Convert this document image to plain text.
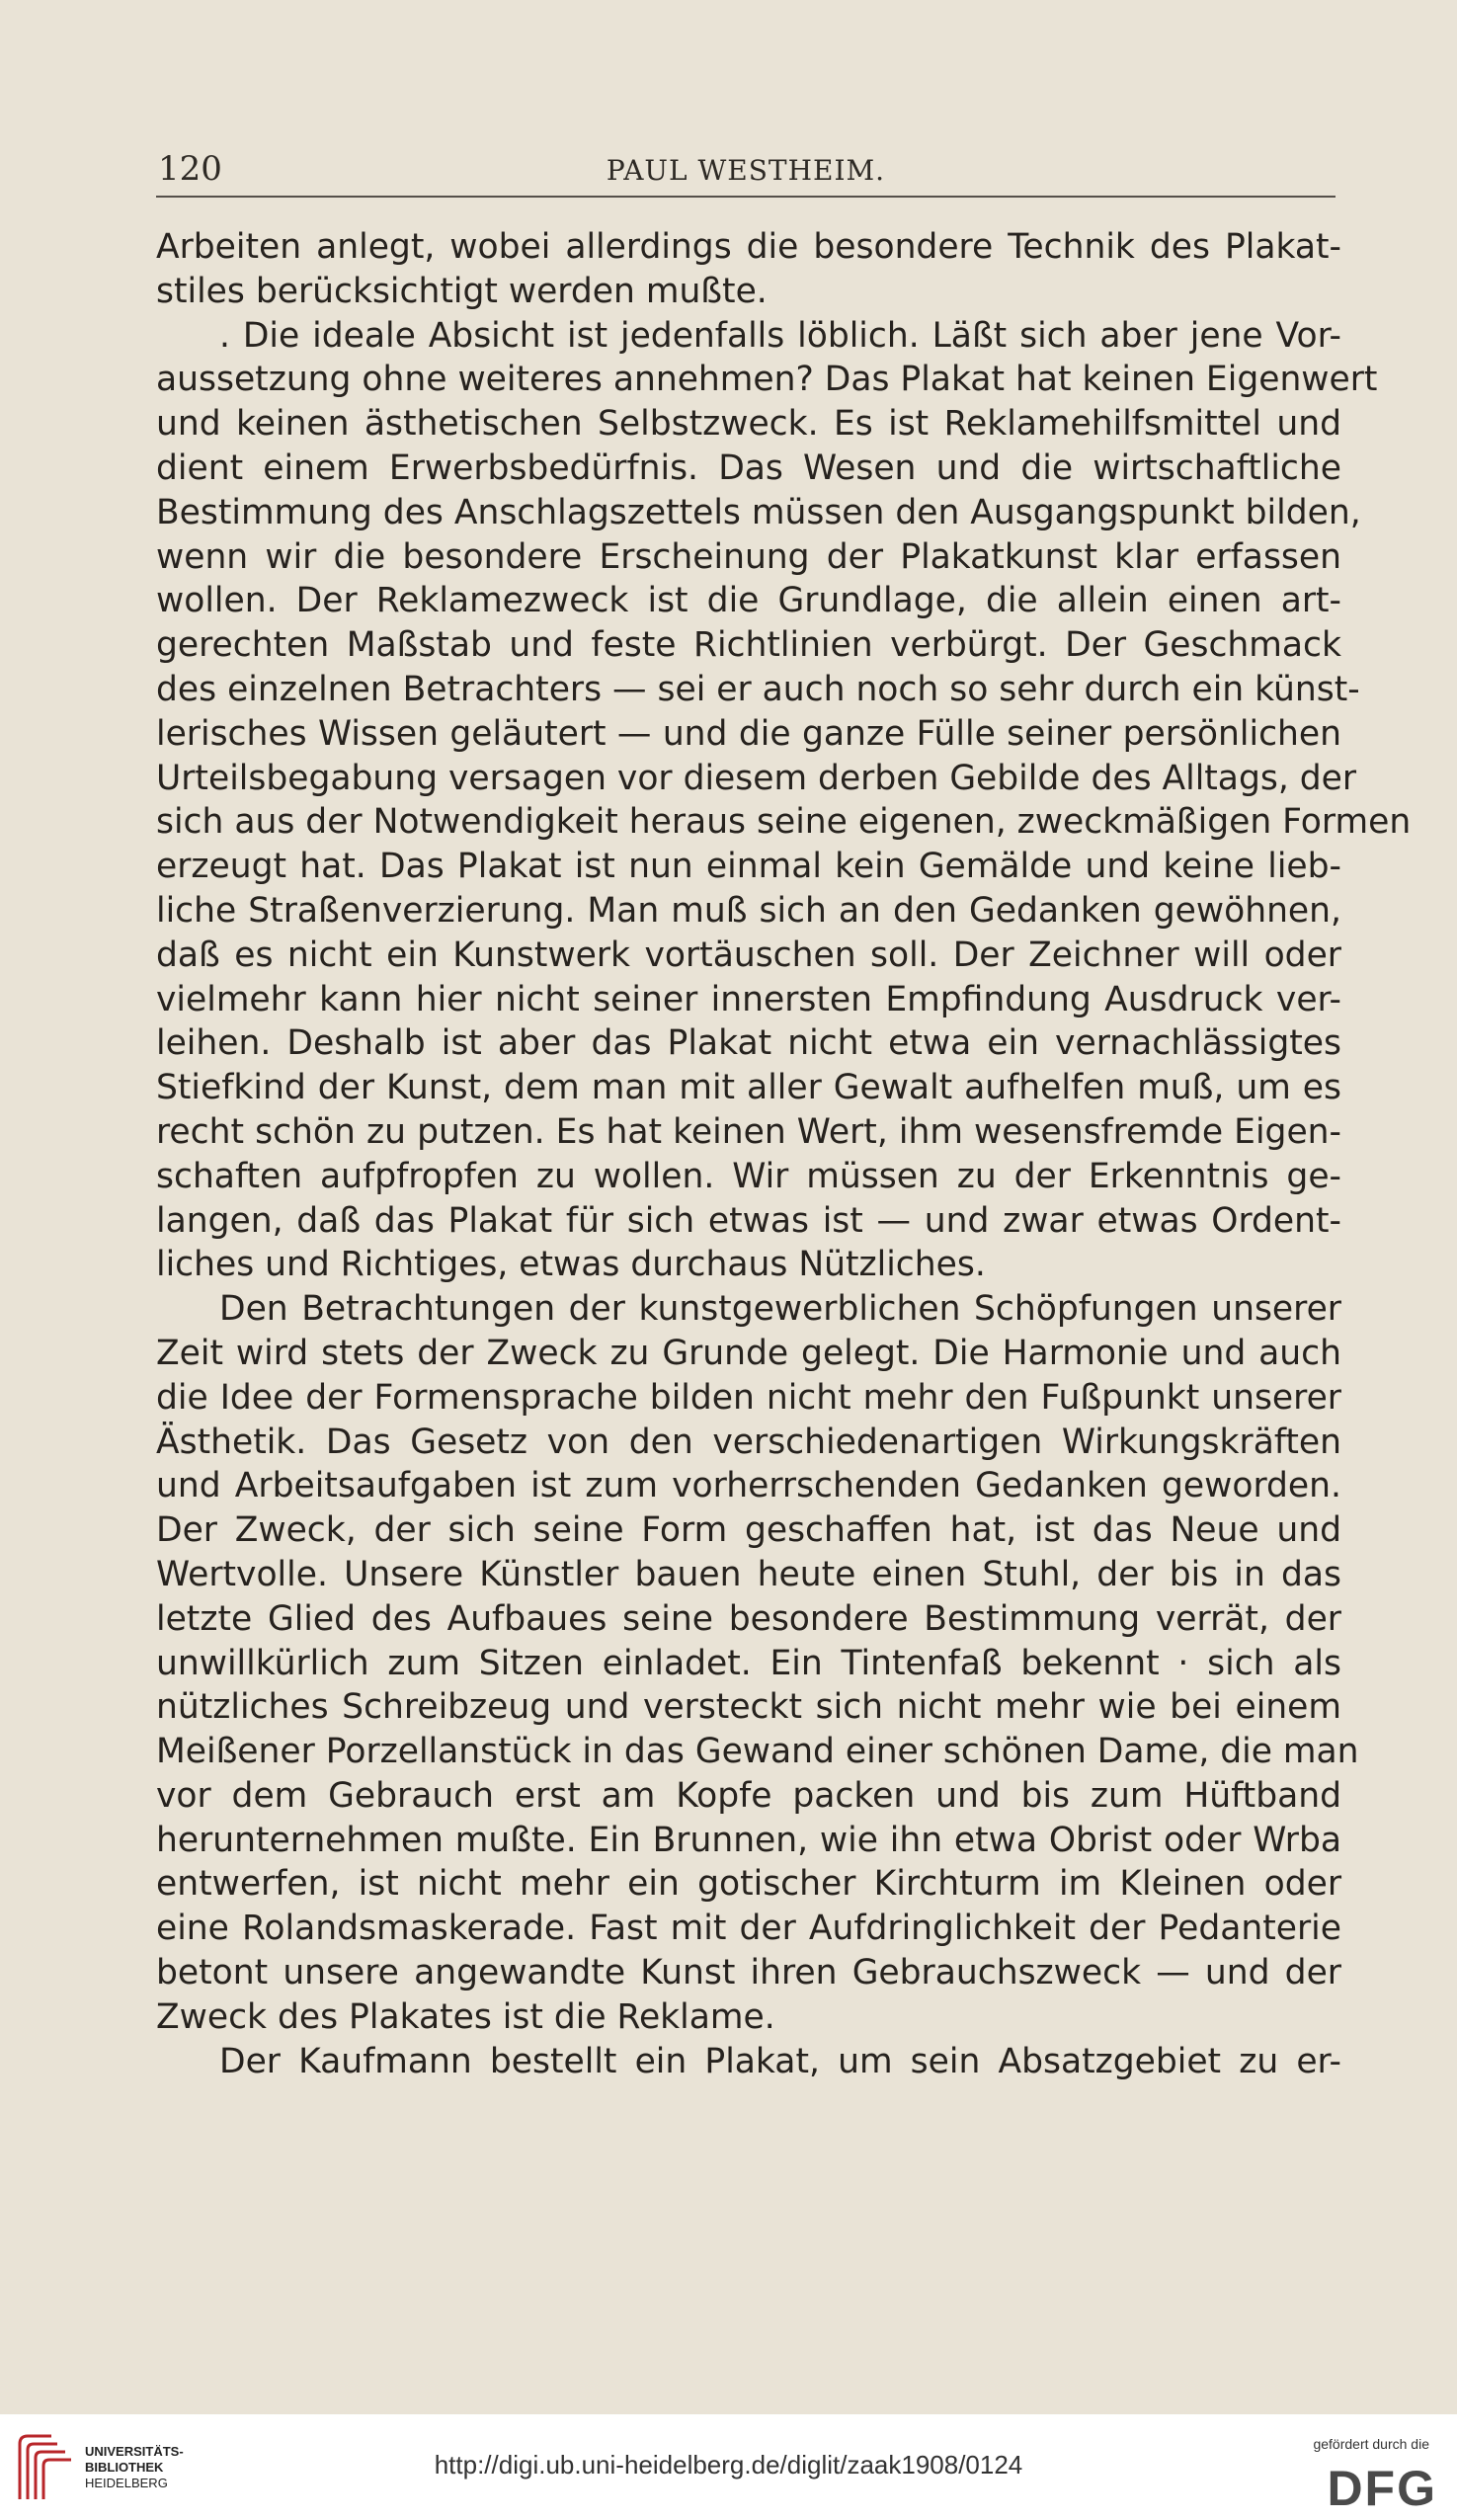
120	PAUL WESTHEIM.
Arbeiten anlegt, wobei allerdings die besondere Technik des Plakat-
stiles berücksichtigt werden mußte.
. Die ideale Absicht ist jedenfalls löblich. Läßt sich aber jene Vor-
aussetzung ohne weiteres annehmen? Das Plakat hat keinen Eigenwert
und keinen ästhetischen Selbstzweck. Es ist Reklamehilfsmittel und
dient einem Erwerbsbedürfnis. Das Wesen und die wirtschaftliche
Bestimmung des Anschlagszettels müssen den Ausgangspunkt bilden,
wenn wir die besondere Erscheinung der Plakatkunst klar erfassen
wollen. Der Reklamezweck ist die Grundlage, die allein einen art-
gerechten Maßstab und feste Richtlinien verbürgt. Der Geschmack
des einzelnen Betrachters — sei er auch noch so sehr durch ein künst-
lerisches Wissen geläutert — und die ganze Fülle seiner persönlichen
Urteilsbegabung versagen vor diesem derben Gebilde des Alltags, der
sich aus der Notwendigkeit heraus seine eigenen, zweckmäßigen Formen
erzeugt hat. Das Plakat ist nun einmal kein Gemälde und keine lieb-
liche Straßenverzierung. Man muß sich an den Gedanken gewöhnen,
daß es nicht ein Kunstwerk vortäuschen soll. Der Zeichner will oder
vielmehr kann hier nicht seiner innersten Empfindung Ausdruck ver-
leihen. Deshalb ist aber das Plakat nicht etwa ein vernachlässigtes
Stiefkind der Kunst, dem man mit aller Gewalt aufhelfen muß, um es
recht schön zu putzen. Es hat keinen Wert, ihm wesensfremde Eigen-
schaften aufpfropfen zu wollen. Wir müssen zu der Erkenntnis ge-
langen, daß das Plakat für sich etwas ist — und zwar etwas Ordent-
liches und Richtiges, etwas durchaus Nützliches.
Den Betrachtungen der kunstgewerblichen Schöpfungen unserer
Zeit wird stets der Zweck zu Grunde gelegt. Die Harmonie und auch
die Idee der Formensprache bilden nicht mehr den Fußpunkt unserer
Ästhetik. Das Gesetz von den verschiedenartigen Wirkungskräften
und Arbeitsaufgaben ist zum vorherrschenden Gedanken geworden.
Der Zweck, der sich seine Form geschaffen hat, ist das Neue und
Wertvolle. Unsere Künstler bauen heute einen Stuhl, der bis in das
letzte Glied des Aufbaues seine besondere Bestimmung verrät, der
unwillkürlich zum Sitzen einladet. Ein Tintenfaß bekennt · sich als
nützliches Schreibzeug und versteckt sich nicht mehr wie bei einem
Meißener Porzellanstück in das Gewand einer schönen Dame, die man
vor dem Gebrauch erst am Kopfe packen und bis zum Hüftband
herunternehmen mußte. Ein Brunnen, wie ihn etwa Obrist oder Wrba
entwerfen, ist nicht mehr ein gotischer Kirchturm im Kleinen oder
eine Rolandsmaskerade. Fast mit der Aufdringlichkeit der Pedanterie
betont unsere angewandte Kunst ihren Gebrauchszweck — und der
Zweck des Plakates ist die Reklame.
Der Kaufmann bestellt ein Plakat, um sein Absatzgebiet zu er-
UNIVERSITÄTS-
BIBLIOTHEK
HEIDELBERG
http://digi.ub.uni-heidelberg.de/diglit/zaak1908/0124
gefördert durch die
DFG
